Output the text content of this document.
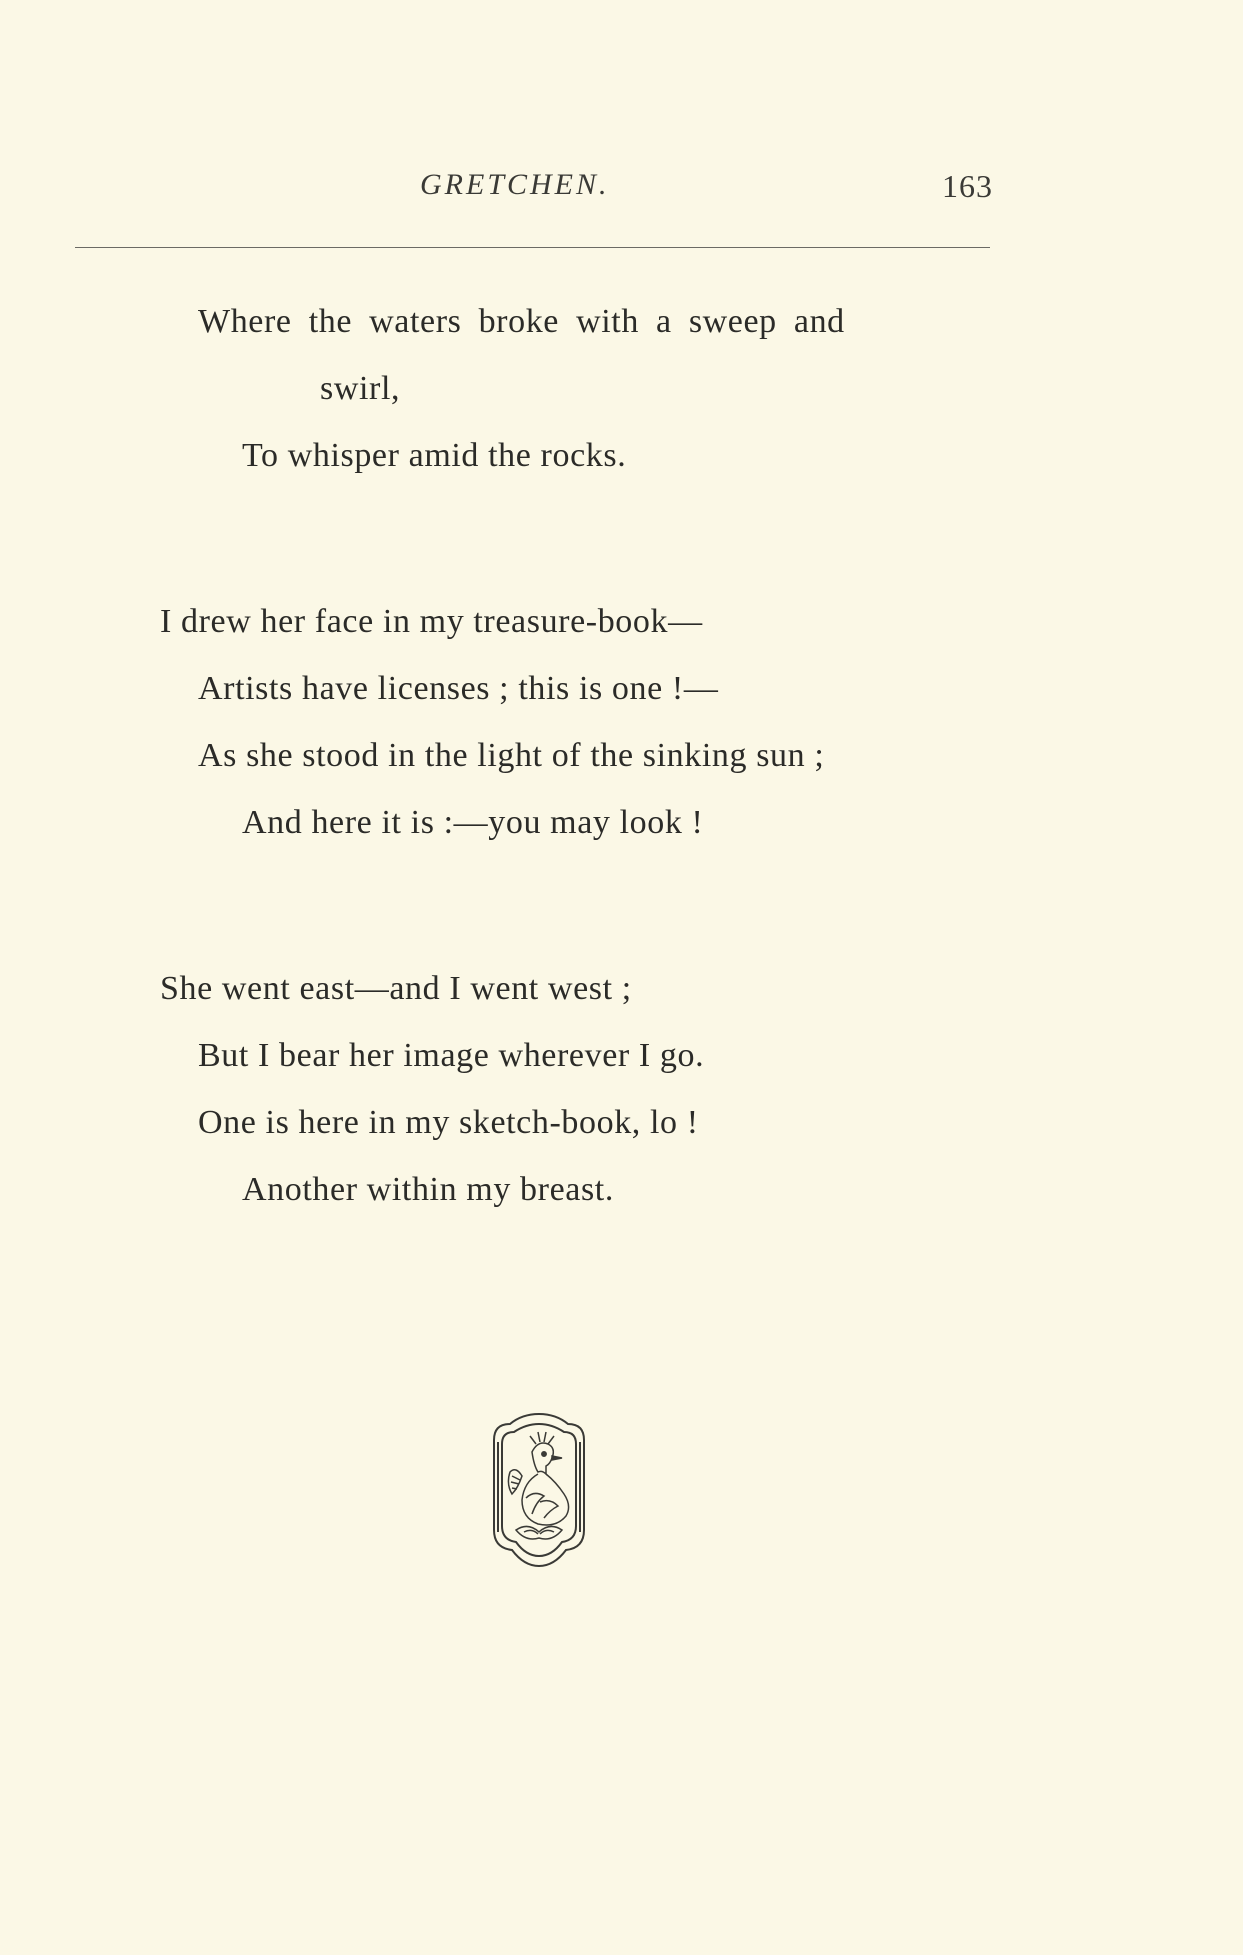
GRETCHEN.	163
Where the waters broke with a sweep and
swirl,
To whisper amid the rocks.
I drew her face in my treasure-book—
Artists have licenses ; this is one !—
As she stood in the light of the sinking sun ;
And here it is :—you may look !
She went east—and I went west ;
But I bear her image wherever I go.
One is here in my sketch-book, lo !
Another within my breast.
